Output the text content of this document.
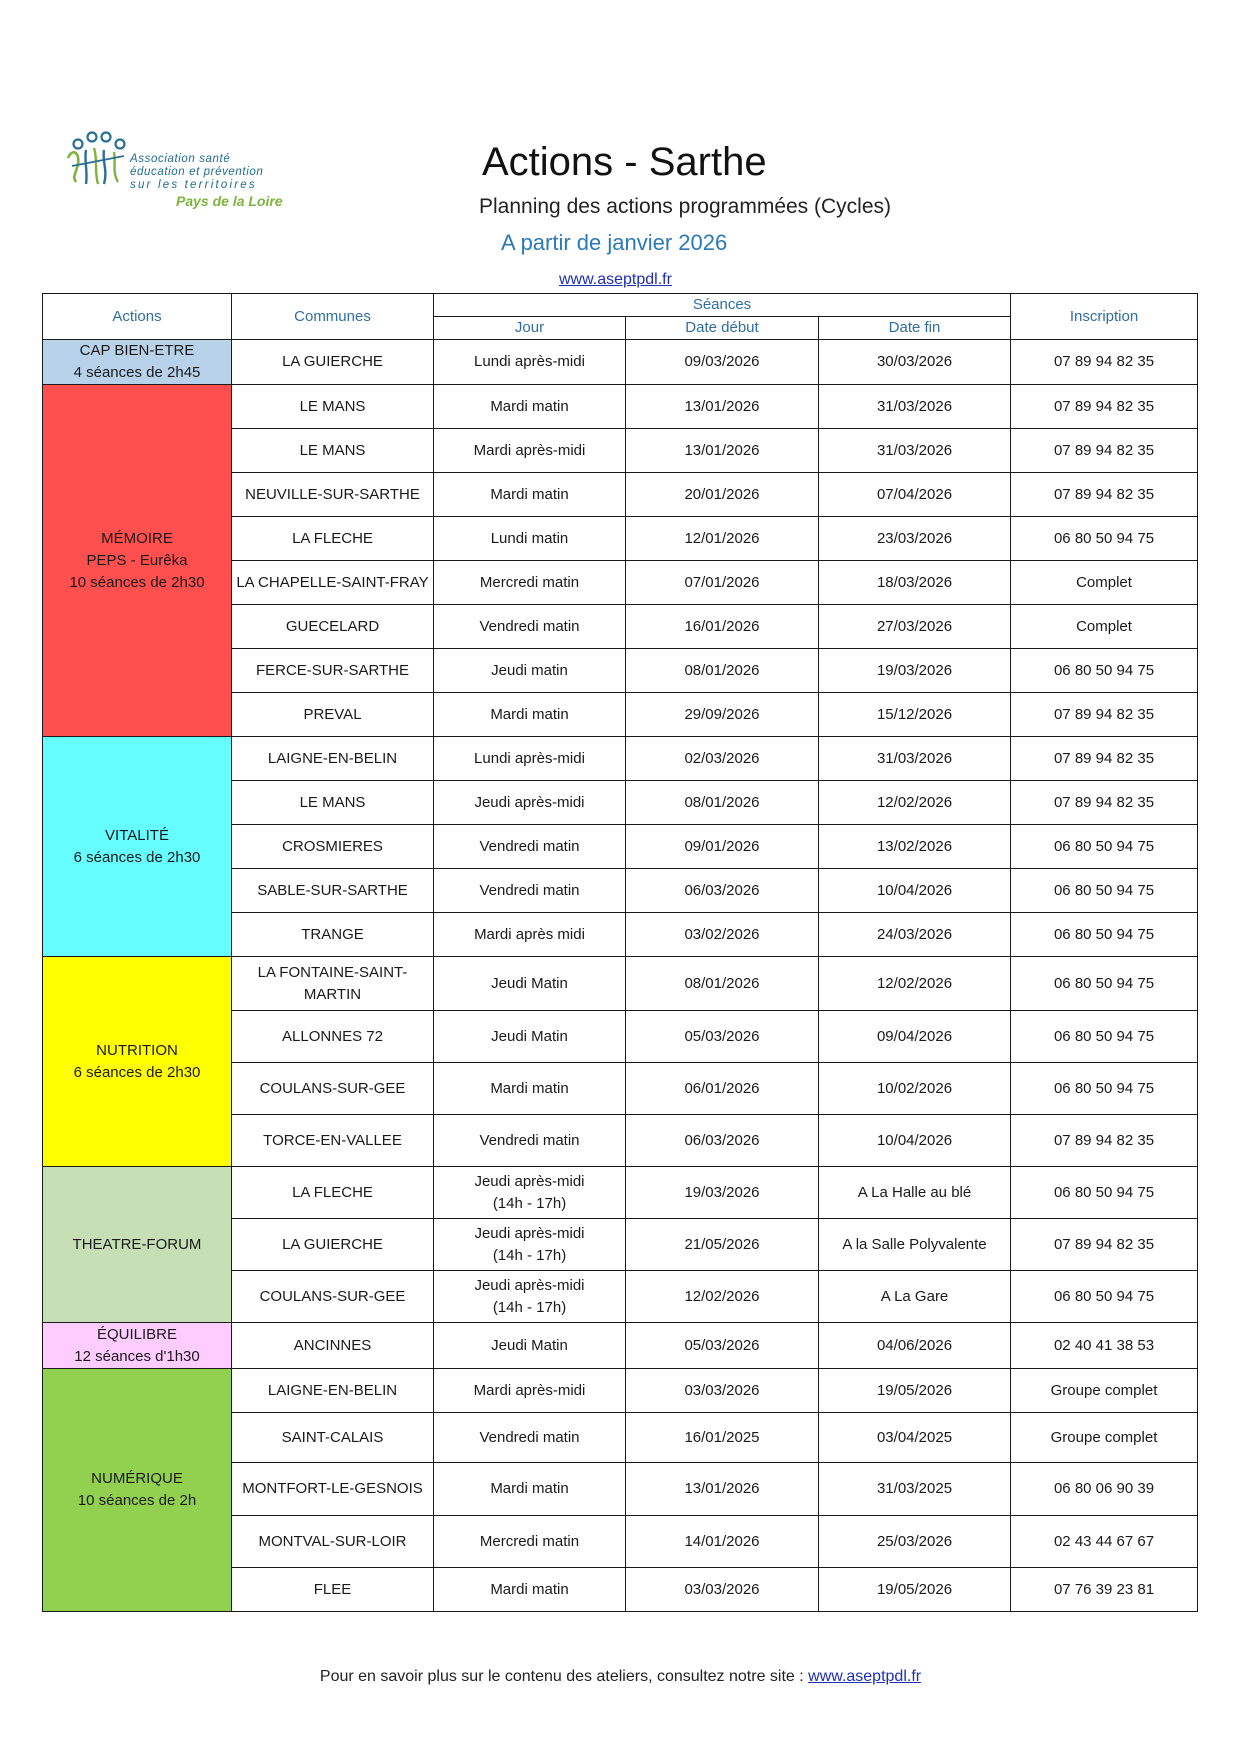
Association santé
éducation et prévention
sur les territoires
Pays de la Loire
Actions - Sarthe
Planning des actions programmées (Cycles)
A partir de janvier 2026
www.aseptpdl.fr
Actions	Communes	Séances			Inscription
		Jour	Date début	Date fin	

CAP BIEN-ETRE
4 séances de 2h45	LA GUIERCHE	Lundi après-midi	09/03/2026	30/03/2026	07 89 94 82 35

MÉMOIRE
PEPS - Eurêka
10 séances de 2h30	LE MANS	Mardi matin	13/01/2026	31/03/2026	07 89 94 82 35
	LE MANS	Mardi après-midi	13/01/2026	31/03/2026	07 89 94 82 35
	NEUVILLE-SUR-SARTHE	Mardi matin	20/01/2026	07/04/2026	07 89 94 82 35
	LA FLECHE	Lundi matin	12/01/2026	23/03/2026	06 80 50 94 75
	LA CHAPELLE-SAINT-FRAY	Mercredi matin	07/01/2026	18/03/2026	Complet
	GUECELARD	Vendredi matin	16/01/2026	27/03/2026	Complet
	FERCE-SUR-SARTHE	Jeudi matin	08/01/2026	19/03/2026	06 80 50 94 75
	PREVAL	Mardi matin	29/09/2026	15/12/2026	07 89 94 82 35

VITALITÉ
6 séances de 2h30	LAIGNE-EN-BELIN	Lundi après-midi	02/03/2026	31/03/2026	07 89 94 82 35
	LE MANS	Jeudi après-midi	08/01/2026	12/02/2026	07 89 94 82 35
	CROSMIERES	Vendredi matin	09/01/2026	13/02/2026	06 80 50 94 75
	SABLE-SUR-SARTHE	Vendredi matin	06/03/2026	10/04/2026	06 80 50 94 75
	TRANGE	Mardi après midi	03/02/2026	24/03/2026	06 80 50 94 75

NUTRITION
6 séances de 2h30	LA FONTAINE-SAINT-MARTIN	Jeudi Matin	08/01/2026	12/02/2026	06 80 50 94 75
	ALLONNES 72	Jeudi Matin	05/03/2026	09/04/2026	06 80 50 94 75
	COULANS-SUR-GEE	Mardi matin	06/01/2026	10/02/2026	06 80 50 94 75
	TORCE-EN-VALLEE	Vendredi matin	06/03/2026	10/04/2026	07 89 94 82 35

THEATRE-FORUM	LA FLECHE	Jeudi après-midi
(14h - 17h)	19/03/2026	A La Halle au blé	06 80 50 94 75
	LA GUIERCHE	Jeudi après-midi
(14h - 17h)	21/05/2026	A la Salle Polyvalente	07 89 94 82 35
	COULANS-SUR-GEE	Jeudi après-midi
(14h - 17h)	12/02/2026	A La Gare	06 80 50 94 75

ÉQUILIBRE
12 séances d'1h30	ANCINNES	Jeudi Matin	05/03/2026	04/06/2026	02 40 41 38 53

NUMÉRIQUE
10 séances de 2h	LAIGNE-EN-BELIN	Mardi après-midi	03/03/2026	19/05/2026	Groupe complet
	SAINT-CALAIS	Vendredi matin	16/01/2025	03/04/2025	Groupe complet
	MONTFORT-LE-GESNOIS	Mardi matin	13/01/2026	31/03/2025	06 80 06 90 39
	MONTVAL-SUR-LOIR	Mercredi matin	14/01/2026	25/03/2026	02 43 44 67 67
	FLEE	Mardi matin	03/03/2026	19/05/2026	07 76 39 23 81
Pour en savoir plus sur le contenu des ateliers, consultez notre site : www.aseptpdl.fr
